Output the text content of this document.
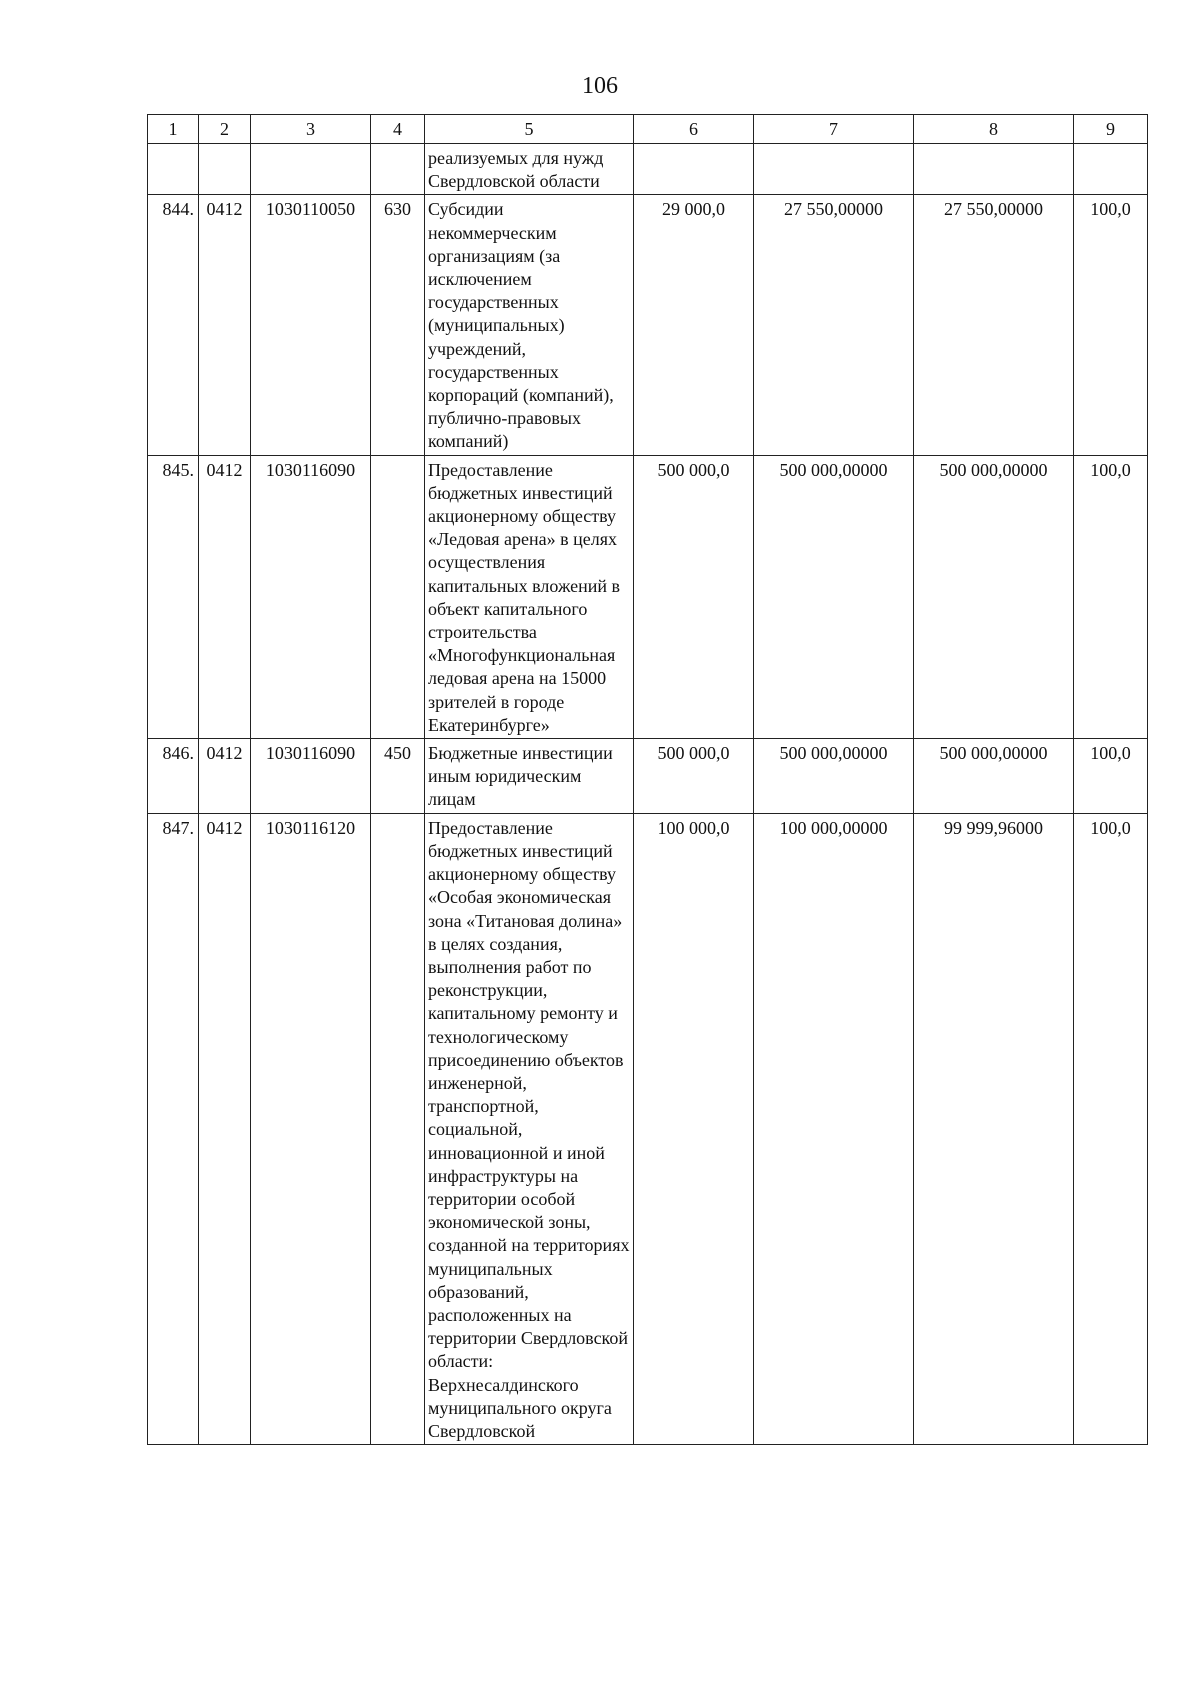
106
1	2	3	4	5	6	7	8	9
				реализуемых для нужд Свердловской области				
844.	0412	1030110050	630	Субсидии некоммерческим организациям (за исключением государственных (муниципальных) учреждений, государственных корпораций (компаний), публично-правовых компаний)	29 000,0	27 550,00000	27 550,00000	100,0
845.	0412	1030116090		Предоставление бюджетных инвестиций акционерному обществу «Ледовая арена» в целях осуществления капитальных вложений в объект капитального строительства «Многофункциональная ледовая арена на 15000 зрителей в городе Екатеринбурге»	500 000,0	500 000,00000	500 000,00000	100,0
846.	0412	1030116090	450	Бюджетные инвестиции иным юридическим лицам	500 000,0	500 000,00000	500 000,00000	100,0
847.	0412	1030116120		Предоставление бюджетных инвестиций акционерному обществу «Особая экономическая зона «Титановая долина» в целях создания, выполнения работ по реконструкции, капитальному ремонту и технологическому присоединению объектов инженерной, транспортной, социальной, инновационной и иной инфраструктуры на территории особой экономической зоны, созданной на территориях муниципальных образований, расположенных на территории Свердловской области: Верхнесалдинского муниципального округа Свердловской	100 000,0	100 000,00000	99 999,96000	100,0
